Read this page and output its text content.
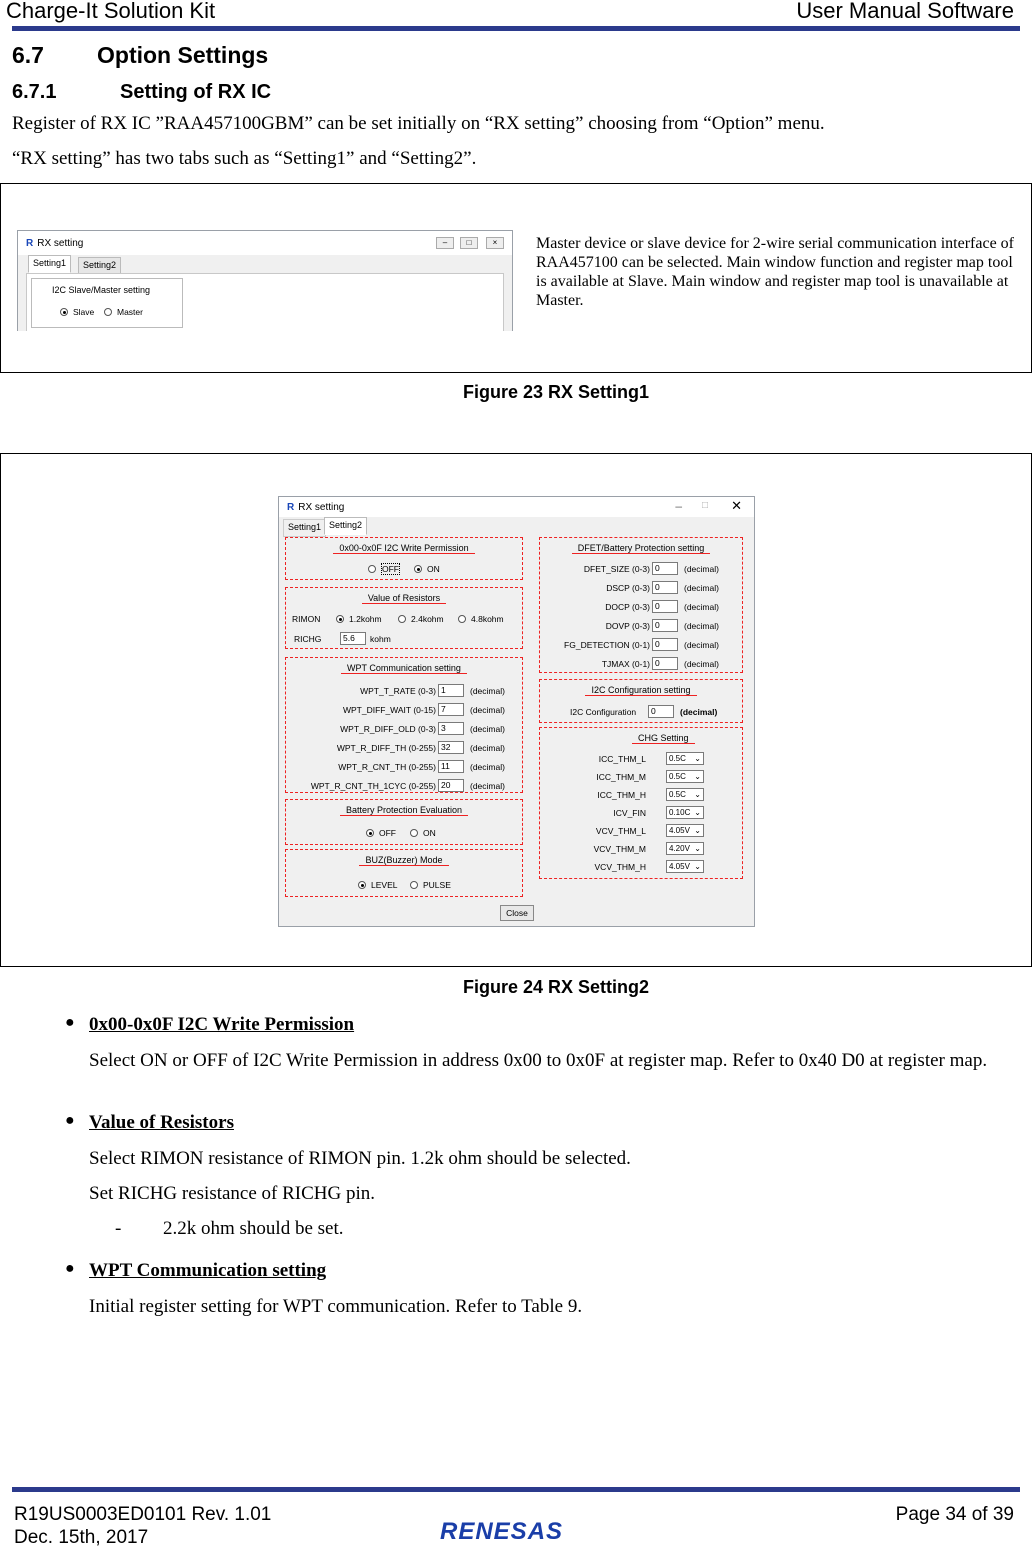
Charge-It Solution Kit	User Manual Software
6.7 Option Settings
6.7.1	Setting of RX IC
Register of RX IC ”RAA457100GBM” can be set initially on “RX setting” choosing from “Option” menu.
“RX setting” has two tabs such as “Setting1” and “Setting2”.
R RX setting	–	□	×
Setting1	Setting2
I2C Slave/Master setting
Slave	Master
Master device or slave device for 2-wire serial communication interface of RAA457100 can be selected. Main window function and register map tool is available at Slave. Main window and register map tool is unavailable at Master.
Figure 23 RX Setting1
R RX setting	– □ ✕
Setting1 Setting2
0x00-0x0F I2C Write Permission
OFF	ON
Value of Resistors
RIMON	1.2kohm	2.4kohm	4.8kohm
RICHG	5.6	kohm
WPT Communication setting
WPT_T_RATE (0-3) 1	(decimal)
WPT_DIFF_WAIT (0-15) 7	(decimal)
WPT_R_DIFF_OLD (0-3) 3	(decimal)
WPT_R_DIFF_TH (0-255) 32	(decimal)
WPT_R_CNT_TH (0-255) 11	(decimal)
WPT_R_CNT_TH_1CYC (0-255) 20	(decimal)
Battery Protection Evaluation
OFF	ON
BUZ(Buzzer) Mode
LEVEL	PULSE
DFET/Battery Protection setting
DFET_SIZE (0-3) 0	(decimal)
DSCP (0-3) 0	(decimal)
DOCP (0-3) 0	(decimal)
DOVP (0-3) 0	(decimal)
FG_DETECTION (0-1) 0	(decimal)
TJMAX (0-1) 0	(decimal)
I2C Configuration setting
I2C Configuration	0	(decimal)
CHG Setting
ICC_THM_L	0.5C ⌄
ICC_THM_M	0.5C ⌄
ICC_THM_H	0.5C ⌄
ICV_FIN	0.10C ⌄
VCV_THM_L	4.05V ⌄
VCV_THM_M	4.20V ⌄
VCV_THM_H	4.05V ⌄
Close
Figure 24 RX Setting2
● 0x00-0x0F I2C Write Permission
Select ON or OFF of I2C Write Permission in address 0x00 to 0x0F at register map. Refer to 0x40 D0 at register map.
● Value of Resistors
Select RIMON resistance of RIMON pin. 1.2k ohm should be selected.
Set RICHG resistance of RICHG pin.
- 2.2k ohm should be set.
● WPT Communication setting
Initial register setting for WPT communication. Refer to Table 9.
R19US0003ED0101 Rev. 1.01
Dec. 15th, 2017	RENESAS
Page 34 of 39
